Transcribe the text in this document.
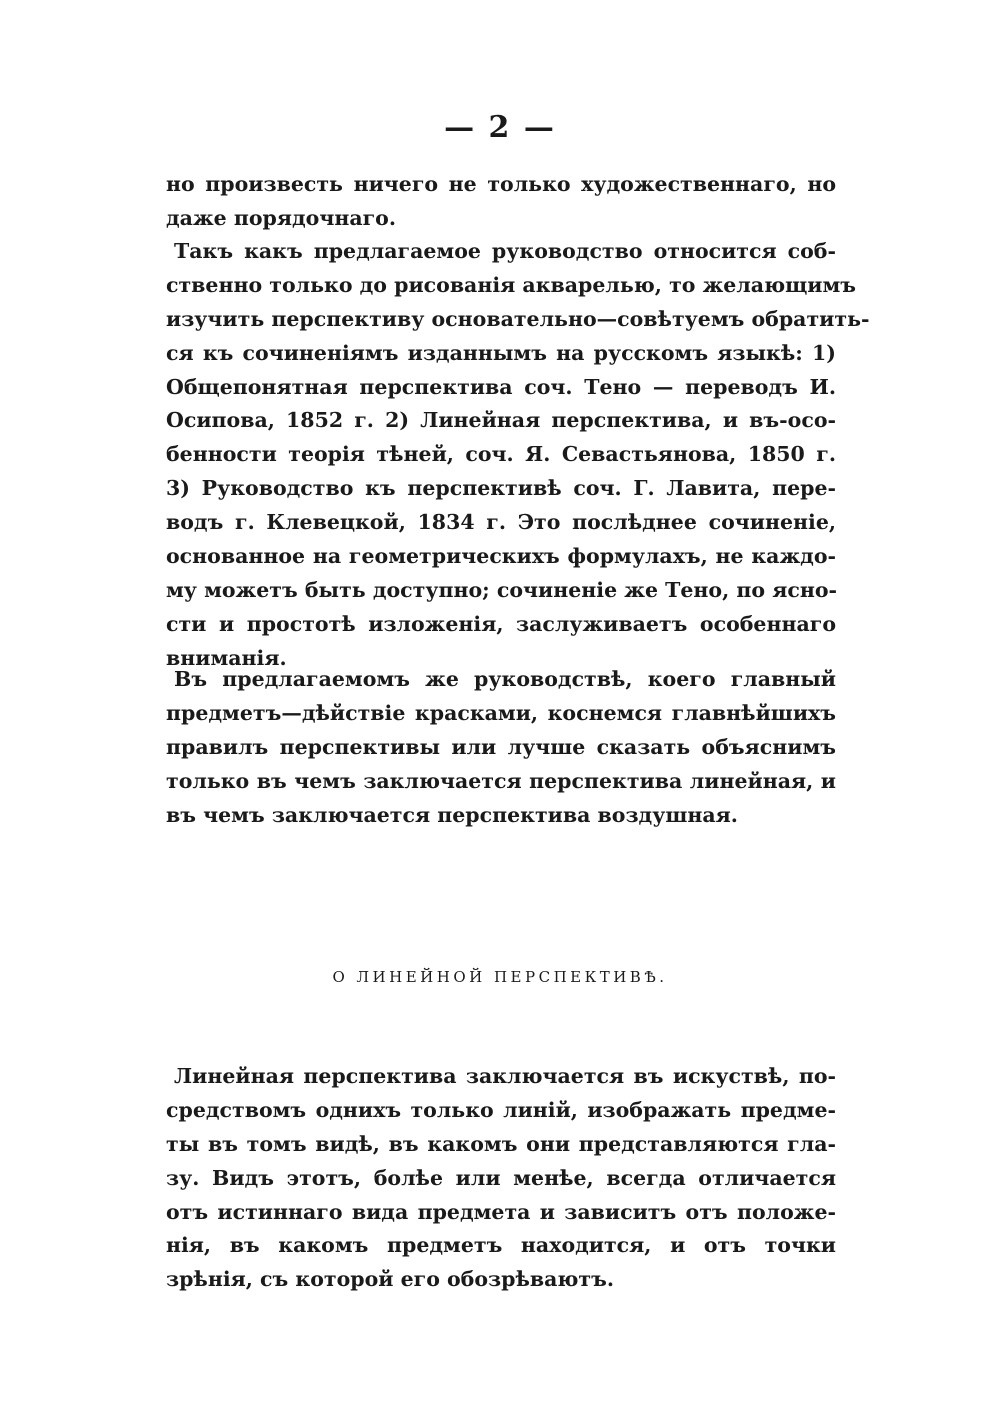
— 2 —
но произвесть ничего не только художественнаго, но
даже порядочнаго.
Такъ какъ предлагаемое руководство относится соб-
ственно только до рисованія акварелью, то желающимъ
изучить перспективу основательно—совѣтуемъ обратить-
ся къ сочиненіямъ изданнымъ на русскомъ языкѣ: 1)
Общепонятная перспектива соч. Тено — переводъ И.
Осипова, 1852 г. 2) Линейная перспектива, и въ-осо-
бенности теорія тѣней, соч. Я. Севастьянова, 1850 г.
3) Руководство къ перспективѣ соч. Г. Лавита, пере-
водъ г. Клевецкой, 1834 г. Это послѣднее сочиненіе,
основанное на геометрическихъ формулахъ, не каждо-
му можетъ быть доступно; сочиненіе же Тено, по ясно-
сти и простотѣ изложенія, заслуживаетъ особеннаго
вниманія.
Въ предлагаемомъ же руководствѣ, коего главный
предметъ—дѣйствіе красками, коснемся главнѣйшихъ
правилъ перспективы или лучше сказать объяснимъ
только въ чемъ заключается перспектива линейная, и
въ чемъ заключается перспектива воздушная.
О ЛИНЕЙНОЙ ПЕРСПЕКТИВѢ.
Линейная перспектива заключается въ искуствѣ, по-
средствомъ однихъ только линій, изображать предме-
ты въ томъ видѣ, въ какомъ они представляются гла-
зу. Видъ этотъ, болѣе или менѣе, всегда отличается
отъ истиннаго вида предмета и зависитъ отъ положе-
нія, въ какомъ предметъ находится, и отъ точки
зрѣнія, съ которой его обозрѣваютъ.
